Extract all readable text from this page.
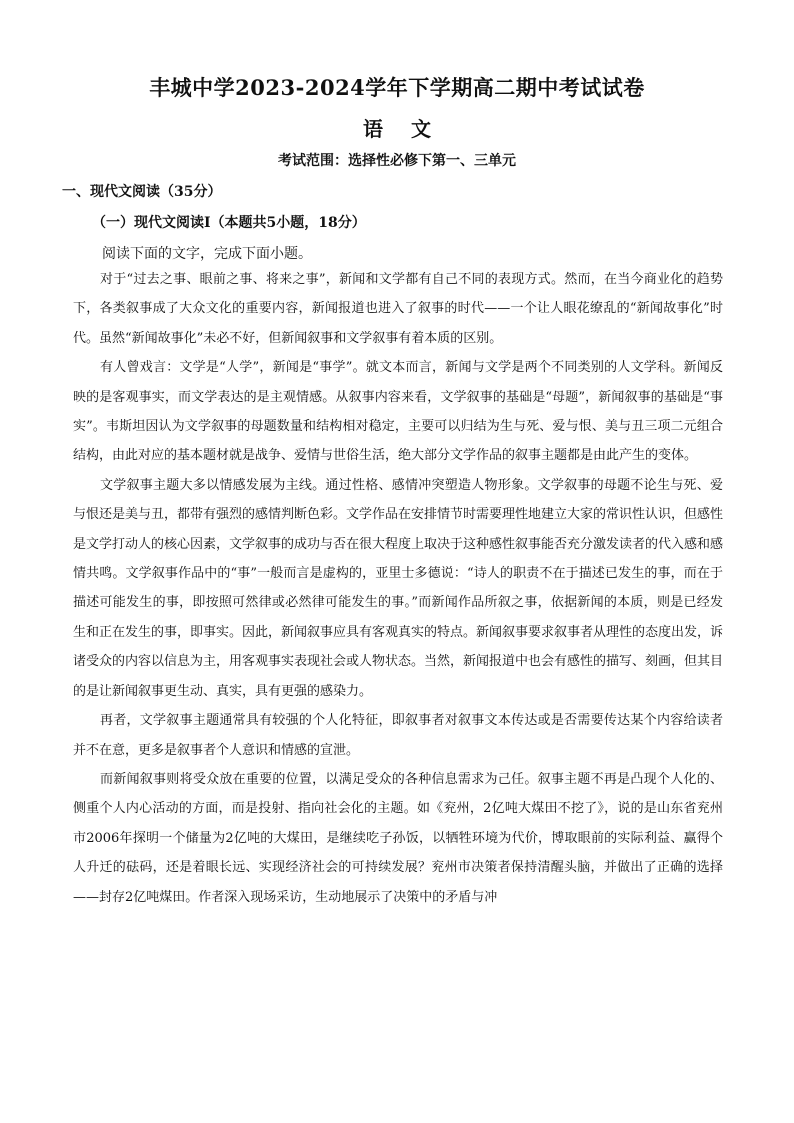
丰城中学2023-2024学年下学期高二期中考试试卷
语文
考试范围：选择性必修下第一、三单元
一、现代文阅读（35分）
（一）现代文阅读Ⅰ（本题共5小题，18分）
阅读下面的文字，完成下面小题。

对于“过去之事、眼前之事、将来之事”，新闻和文学都有自己不同的表现方式。然而，在当今商业化的趋势下，各类叙事成了大众文化的重要内容，新闻报道也进入了叙事的时代——一个让人眼花缭乱的“新闻故事化”时代。虽然“新闻故事化”未必不好，但新闻叙事和文学叙事有着本质的区别。

有人曾戏言：文学是“人学”，新闻是“事学”。就文本而言，新闻与文学是两个不同类别的人文学科。新闻反映的是客观事实，而文学表达的是主观情感。从叙事内容来看，文学叙事的基础是“母题”，新闻叙事的基础是“事实”。韦斯坦因认为文学叙事的母题数量和结构相对稳定，主要可以归结为生与死、爱与恨、美与丑三项二元组合结构，由此对应的基本题材就是战争、爱情与世俗生活，绝大部分文学作品的叙事主题都是由此产生的变体。

文学叙事主题大多以情感发展为主线。通过性格、感情冲突塑造人物形象。文学叙事的母题不论生与死、爱与恨还是美与丑，都带有强烈的感情判断色彩。文学作品在安排情节时需要理性地建立大家的常识性认识，但感性是文学打动人的核心因素，文学叙事的成功与否在很大程度上取决于这种感性叙事能否充分激发读者的代入感和感情共鸣。文学叙事作品中的“事”一般而言是虚构的，亚里士多德说：“诗人的职责不在于描述已发生的事，而在于描述可能发生的事，即按照可然律或必然律可能发生的事。”而新闻作品所叙之事，依据新闻的本质，则是已经发生和正在发生的事，即事实。因此，新闻叙事应具有客观真实的特点。新闻叙事要求叙事者从理性的态度出发，诉诸受众的内容以信息为主，用客观事实表现社会或人物状态。当然，新闻报道中也会有感性的描写、刻画，但其目的是让新闻叙事更生动、真实，具有更强的感染力。

再者，文学叙事主题通常具有较强的个人化特征，即叙事者对叙事文本传达或是否需要传达某个内容给读者并不在意，更多是叙事者个人意识和情感的宣泄。

而新闻叙事则将受众放在重要的位置，以满足受众的各种信息需求为己任。叙事主题不再是凸现个人化的、侧重个人内心活动的方面，而是投射、指向社会化的主题。如《兖州，2亿吨大煤田不挖了》，说的是山东省兖州市2006年探明一个储量为2亿吨的大煤田，是继续吃子孙饭，以牺牲环境为代价，博取眼前的实际利益、赢得个人升迁的砝码，还是着眼长远、实现经济社会的可持续发展？兖州市决策者保持清醒头脑，并做出了正确的选择——封存2亿吨煤田。作者深入现场采访，生动地展示了决策中的矛盾与冲
